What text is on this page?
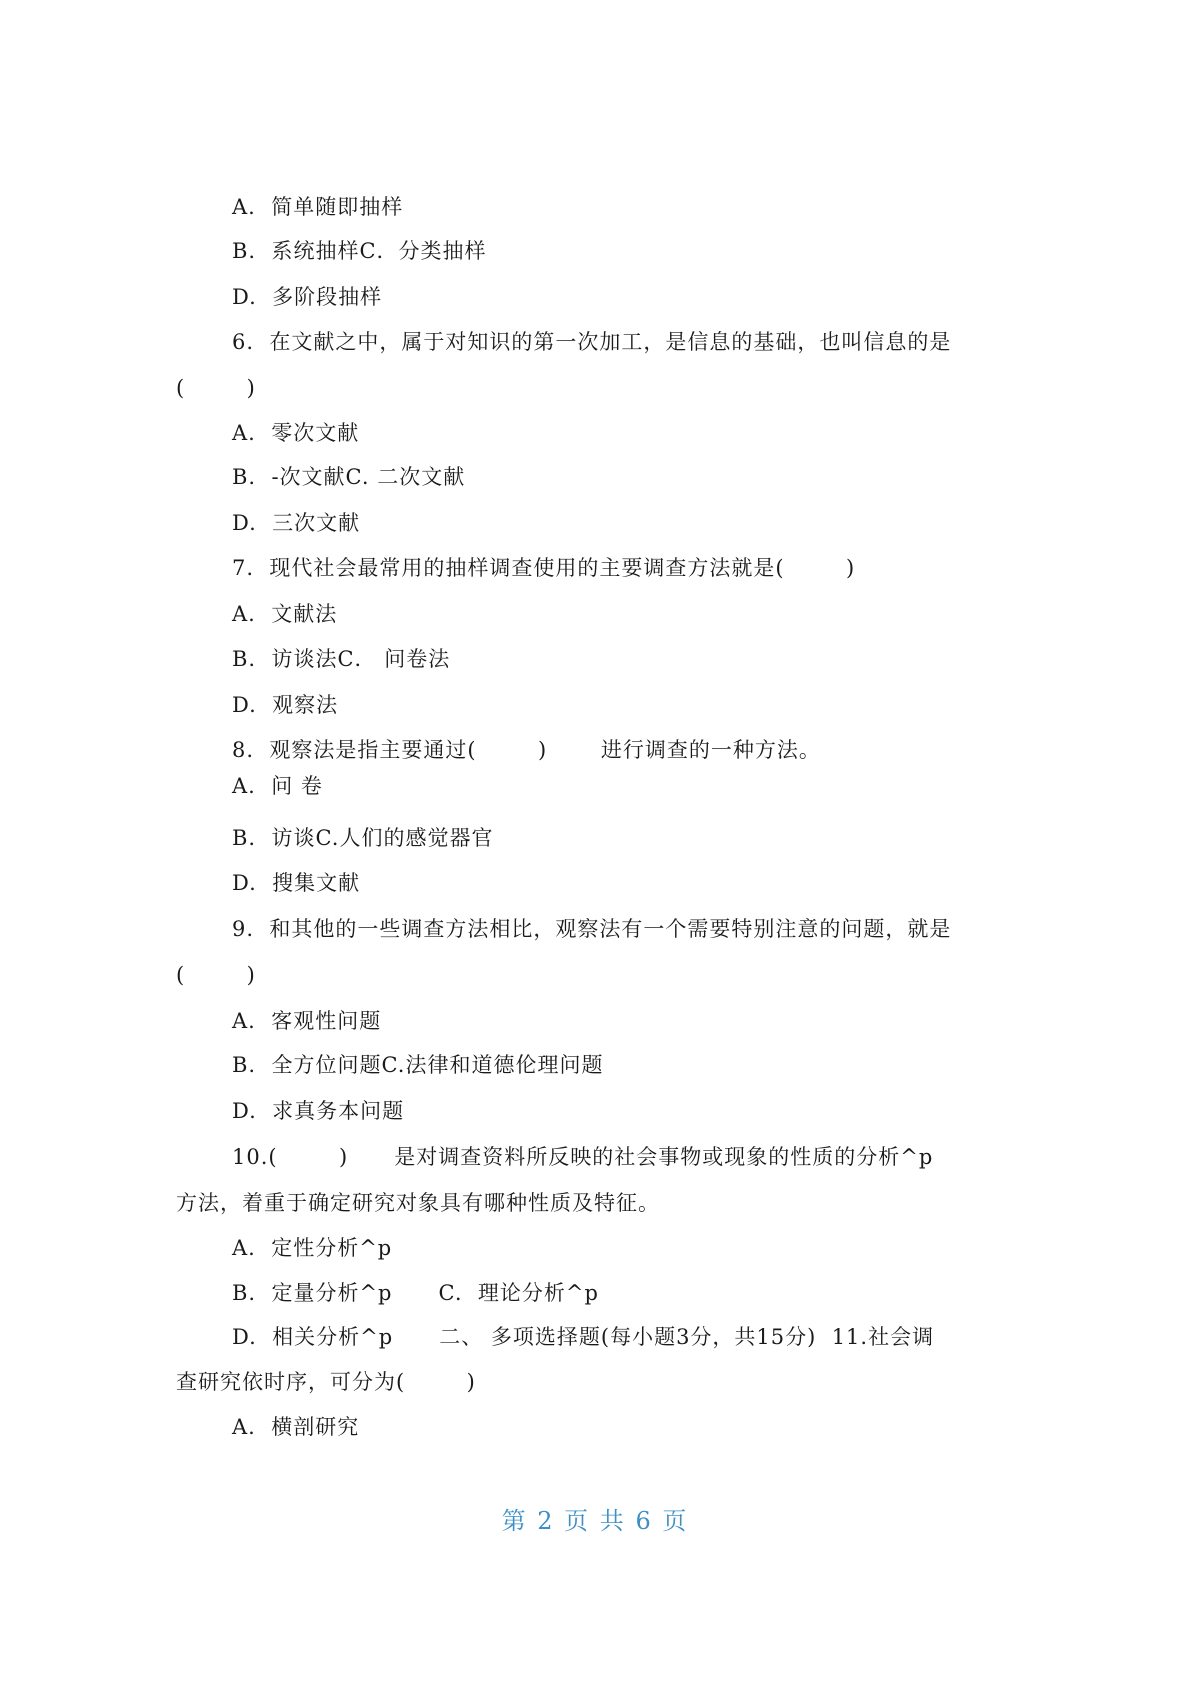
A.  简单随即抽样
B.  系统抽样C．分类抽样
D.  多阶段抽样
6.  在文献之中，属于对知识的第一次加工，是信息的基础，也叫信息的是
(        )
A.  零次文献
B.  -次文献C. 二次文献
D.  三次文献
7.  现代社会最常用的抽样调查使用的主要调查方法就是(        )
A.  文献法
B.  访谈法C． 问卷法
D.  观察法
8.  观察法是指主要通过(        )       进行调查的一种方法。
A.  问 卷
B.  访谈C.人们的感觉器官
D.  搜集文献
9.  和其他的一些调查方法相比，观察法有一个需要特别注意的问题，就是
(        )
A.  客观性问题
B.  全方位问题C.法律和道德伦理问题
D.  求真务本问题
10.(        )      是对调查资料所反映的社会事物或现象的性质的分析^p
方法，着重于确定研究对象具有哪种性质及特征。
A.  定性分析^p
B.  定量分析^p      C.  理论分析^p
D.  相关分析^p      二、 多项选择题(每小题3分，共15分)  11.社会调
查研究依时序，可分为(        )
A.  横剖研究
第 2 页 共 6 页
